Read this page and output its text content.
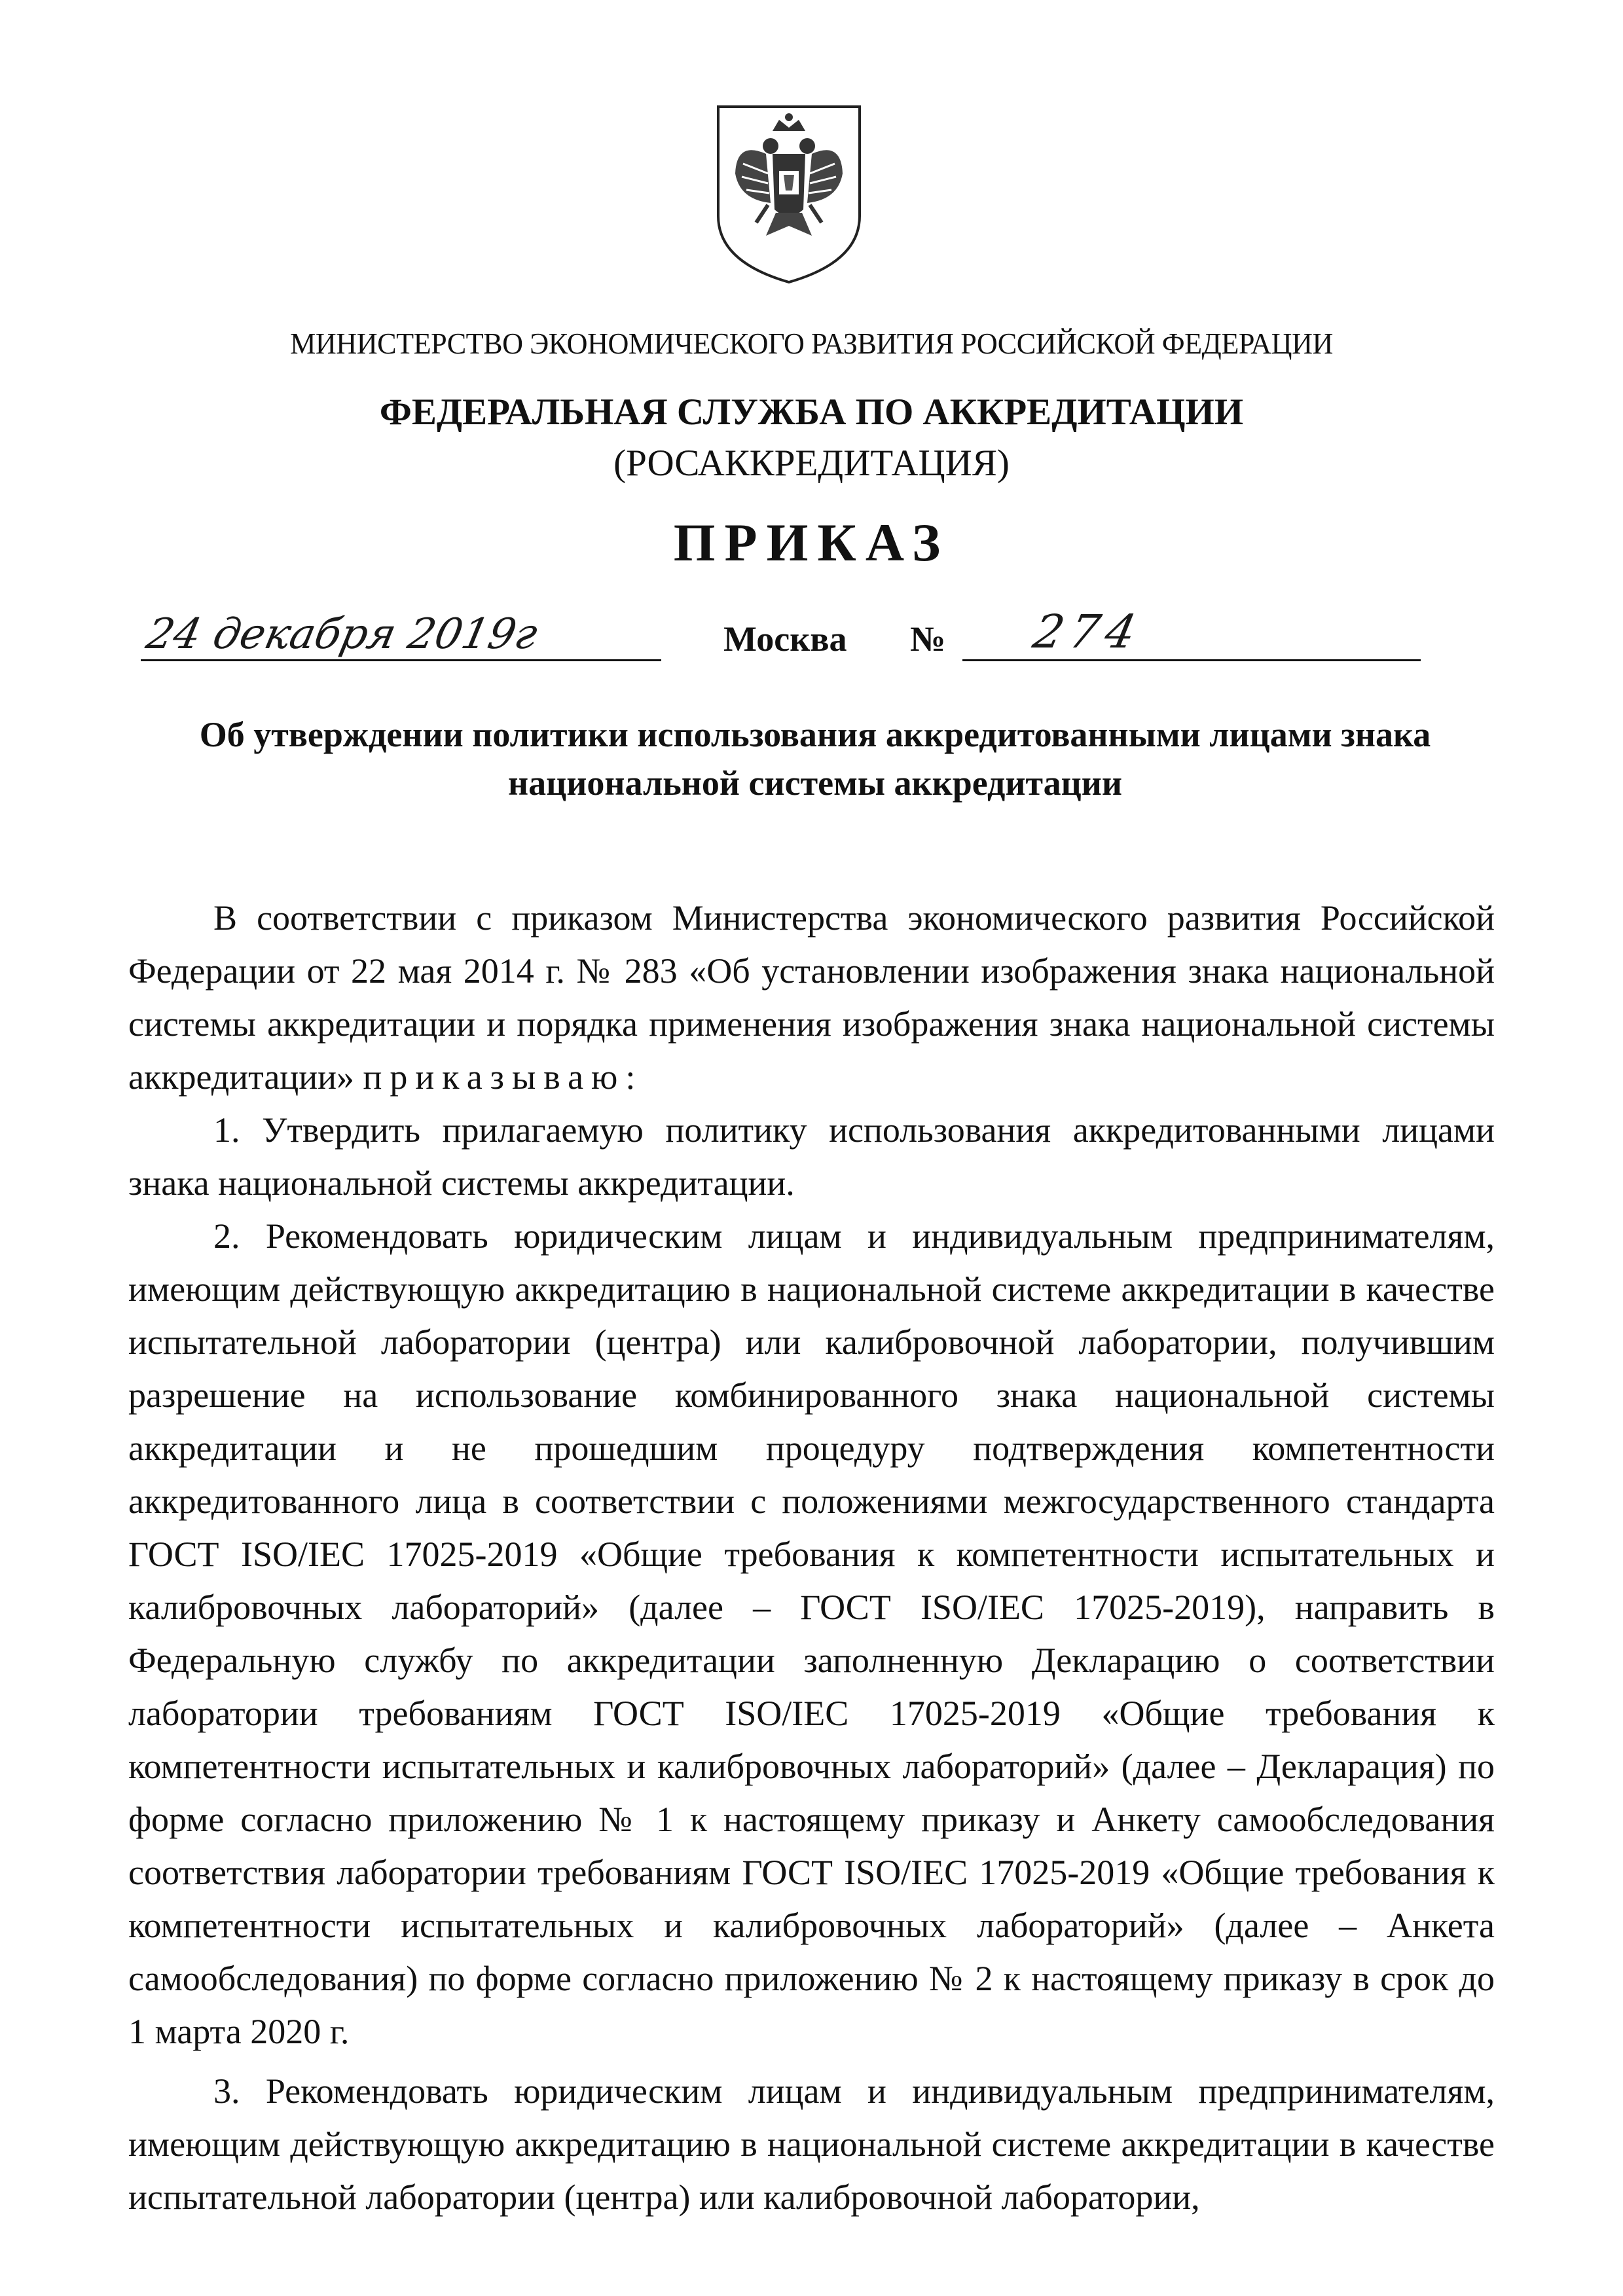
МИНИСТЕРСТВО ЭКОНОМИЧЕСКОГО РАЗВИТИЯ РОССИЙСКОЙ ФЕДЕРАЦИИ
ФЕДЕРАЛЬНАЯ СЛУЖБА ПО АККРЕДИТАЦИИ
(РОСАККРЕДИТАЦИЯ)
ПРИКАЗ
24 декабря 2019г	Москва № 274
Об утверждении политики использования аккредитованными лицами знака национальной системы аккредитации

В соответствии с приказом Министерства экономического развития Российской Федерации от 22 мая 2014 г. № 283 «Об установлении изображения знака национальной системы аккредитации и порядка применения изображения знака национальной системы аккредитации» приказываю:

1. Утвердить прилагаемую политику использования аккредитованными лицами знака национальной системы аккредитации.

2. Рекомендовать юридическим лицам и индивидуальным предпринимателям, имеющим действующую аккредитацию в национальной системе аккредитации в качестве испытательной лаборатории (центра) или калибровочной лаборатории, получившим разрешение на использование комбинированного знака национальной системы аккредитации и не прошедшим процедуру подтверждения компетентности аккредитованного лица в соответствии с положениями межгосударственного стандарта ГОСТ ISO/IEC 17025-2019 «Общие требования к компетентности испытательных и калибровочных лабораторий» (далее – ГОСТ ISO/IEC 17025-2019), направить в Федеральную службу по аккредитации заполненную Декларацию о соответствии лаборатории требованиям ГОСТ ISO/IEC 17025-2019 «Общие требования к компетентности испытательных и калибровочных лабораторий» (далее – Декларация) по форме согласно приложению № 1 к настоящему приказу и Анкету самообследования соответствия лаборатории требованиям ГОСТ ISO/IEC 17025-2019 «Общие требования к компетентности испытательных и калибровочных лабораторий» (далее – Анкета самообследования) по форме согласно приложению № 2 к настоящему приказу в срок до 1 марта 2020 г.

3. Рекомендовать юридическим лицам и индивидуальным предпринимателям, имеющим действующую аккредитацию в национальной системе аккредитации в качестве испытательной лаборатории (центра) или калибровочной лаборатории,
